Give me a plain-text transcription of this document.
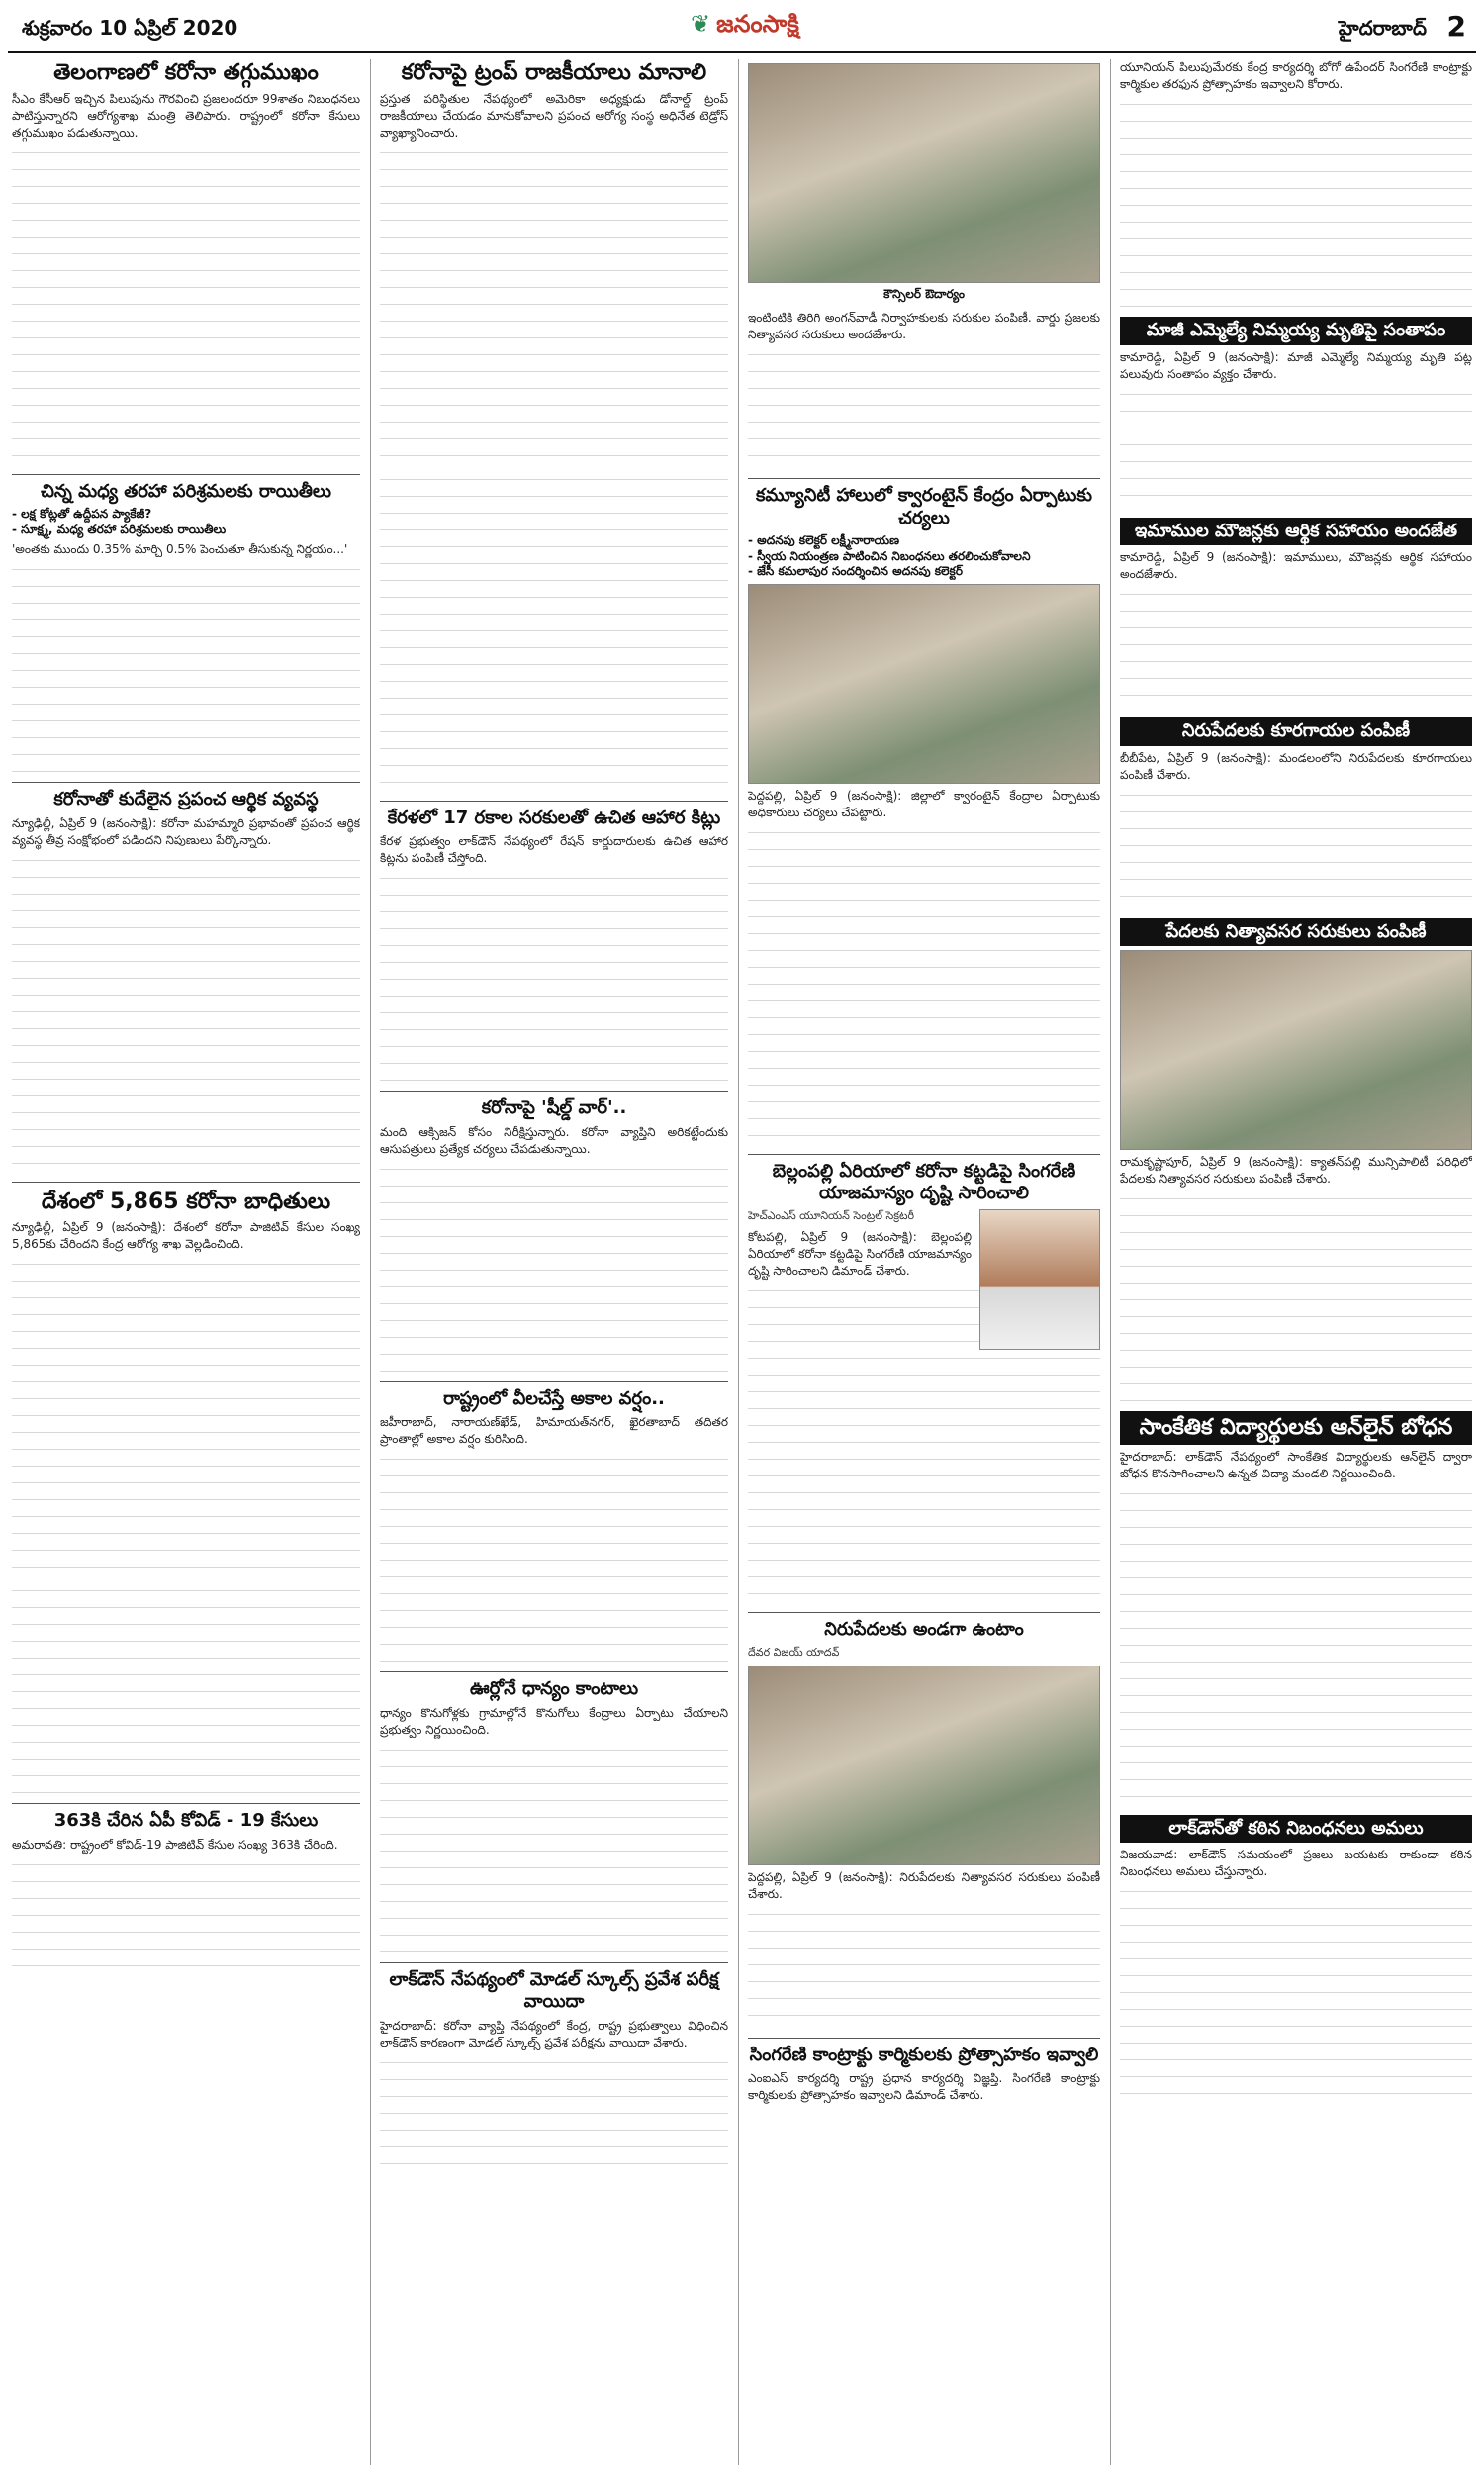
శుక్రవారం 10 ఏప్రిల్ 2020	❦ జనంసాక్షి	హైదరాబాద్ 2
తెలంగాణలో కరోనా తగ్గుముఖం

సీఎం కేసీఆర్ ఇచ్చిన పిలుపును గౌరవించి ప్రజలందరూ 99శాతం నిబంధనలు పాటిస్తున్నారని ఆరోగ్యశాఖ మంత్రి తెలిపారు. రాష్ట్రంలో కరోనా కేసులు తగ్గుముఖం పడుతున్నాయి.

చిన్న మధ్య తరహా పరిశ్రమలకు రాయితీలు

- లక్ష కోట్లతో ఉద్దీపన ప్యాకేజీ?
- సూక్ష్మ, మధ్య తరహా పరిశ్రమలకు రాయితీలు

'అంతకు ముందు 0.35% మార్చి 0.5% పెంచుతూ తీసుకున్న నిర్ణయం...'

కరోనాతో కుదేలైన ప్రపంచ ఆర్థిక వ్యవస్థ

న్యూఢిల్లీ, ఏప్రిల్ 9 (జనంసాక్షి): కరోనా మహమ్మారి ప్రభావంతో ప్రపంచ ఆర్థిక వ్యవస్థ తీవ్ర సంక్షోభంలో పడిందని నిపుణులు పేర్కొన్నారు.

దేశంలో 5,865 కరోనా బాధితులు

న్యూఢిల్లీ, ఏప్రిల్ 9 (జనంసాక్షి): దేశంలో కరోనా పాజిటివ్ కేసుల సంఖ్య 5,865కు చేరిందని కేంద్ర ఆరోగ్య శాఖ వెల్లడించింది.

363కి చేరిన ఏపీ కోవిడ్ - 19 కేసులు

అమరావతి: రాష్ట్రంలో కోవిడ్-19 పాజిటివ్ కేసుల సంఖ్య 363కి చేరింది.

కరోనాపై ట్రంప్ రాజకీయాలు మానాలి

ప్రస్తుత పరిస్థితుల నేపథ్యంలో అమెరికా అధ్యక్షుడు డోనాల్డ్ ట్రంప్ రాజకీయాలు చేయడం మానుకోవాలని ప్రపంచ ఆరోగ్య సంస్థ అధినేత టెడ్రోస్ వ్యాఖ్యానించారు.

కేరళలో 17 రకాల సరకులతో ఉచిత ఆహార కిట్లు

కేరళ ప్రభుత్వం లాక్‌డౌన్ నేపథ్యంలో రేషన్ కార్డుదారులకు ఉచిత ఆహార కిట్లను పంపిణీ చేస్తోంది.

కరోనాపై 'షీల్డ్ వార్'..

మంది ఆక్సిజన్ కోసం నిరీక్షిస్తున్నారు. కరోనా వ్యాప్తిని అరికట్టేందుకు ఆసుపత్రులు ప్రత్యేక చర్యలు చేపడుతున్నాయి.

రాష్ట్రంలో వీలచేస్తే అకాల వర్షం..

జహీరాబాద్, నారాయణ్‌ఖేడ్, హిమాయత్‌నగర్, ఖైరతాబాద్ తదితర ప్రాంతాల్లో అకాల వర్షం కురిసింది.

ఊర్లోనే ధాన్యం కాంటాలు

ధాన్యం కొనుగోళ్లకు గ్రామాల్లోనే కొనుగోలు కేంద్రాలు ఏర్పాటు చేయాలని ప్రభుత్వం నిర్ణయించింది.

లాక్‌డౌన్ నేపథ్యంలో మోడల్ స్కూల్స్ ప్రవేశ పరీక్ష వాయిదా

హైదరాబాద్: కరోనా వ్యాప్తి నేపథ్యంలో కేంద్ర, రాష్ట్ర ప్రభుత్వాలు విధించిన లాక్‌డౌన్ కారణంగా మోడల్ స్కూల్స్ ప్రవేశ పరీక్షను వాయిదా వేశారు.

కౌన్సిలర్ ఔదార్యం

ఇంటింటికి తిరిగి అంగన్‌వాడీ నిర్వాహకులకు సరుకుల పంపిణీ. వార్డు ప్రజలకు నిత్యావసర సరుకులు అందజేశారు.

కమ్యూనిటీ హాలులో క్వారంటైన్ కేంద్రం ఏర్పాటుకు చర్యలు

- అదనపు కలెక్టర్ లక్ష్మీనారాయణ
- స్వీయ నియంత్రణ పాటించిన నిబంధనలు తరలించుకోవాలని
- జేసీ కమలాపుర సందర్శించిన అదనపు కలెక్టర్

పెద్దపల్లి, ఏప్రిల్ 9 (జనంసాక్షి): జిల్లాలో క్వారంటైన్ కేంద్రాల ఏర్పాటుకు అధికారులు చర్యలు చేపట్టారు.

బెల్లంపల్లి ఏరియాలో కరోనా కట్టడిపై సింగరేణి యాజమాన్యం దృష్టి సారించాలి

హెచ్‌ఎంఎస్ యూనియన్ సెంట్రల్ సెక్రటరీ

కోటపల్లి, ఏప్రిల్ 9 (జనంసాక్షి): బెల్లంపల్లి ఏరియాలో కరోనా కట్టడిపై సింగరేణి యాజమాన్యం దృష్టి సారించాలని డిమాండ్ చేశారు.

నిరుపేదలకు అండగా ఉంటాం

దేవర విజయ్ యాదవ్

పెద్దపల్లి, ఏప్రిల్ 9 (జనంసాక్షి): నిరుపేదలకు నిత్యావసర సరుకులు పంపిణీ చేశారు.

సింగరేణి కాంట్రాక్టు కార్మికులకు ప్రోత్సాహకం ఇవ్వాలి

ఎంఐఎస్ కార్యదర్శి రాష్ట్ర ప్రధాన కార్యదర్శి విజ్ఞప్తి. సింగరేణి కాంట్రాక్టు కార్మికులకు ప్రోత్సాహకం ఇవ్వాలని డిమాండ్ చేశారు.

యూనియన్ పిలుపుమేరకు కేంద్ర కార్యదర్శి బోగో ఉపేందర్ సింగరేణి కాంట్రాక్టు కార్మికుల తరఫున ప్రోత్సాహకం ఇవ్వాలని కోరారు.

మాజీ ఎమ్మెల్యే నిమ్మయ్య మృతిపై సంతాపం

కామారెడ్డి, ఏప్రిల్ 9 (జనంసాక్షి): మాజీ ఎమ్మెల్యే నిమ్మయ్య మృతి పట్ల పలువురు సంతాపం వ్యక్తం చేశారు.

ఇమాముల మౌజన్లకు ఆర్థిక సహాయం అందజేత

కామారెడ్డి, ఏప్రిల్ 9 (జనంసాక్షి): ఇమాములు, మౌజన్లకు ఆర్థిక సహాయం అందజేశారు.

నిరుపేదలకు కూరగాయల పంపిణీ

బీబీపేట, ఏప్రిల్ 9 (జనంసాక్షి): మండలంలోని నిరుపేదలకు కూరగాయలు పంపిణీ చేశారు.

పేదలకు నిత్యావసర సరుకులు పంపిణీ

రామకృష్ణాపూర్, ఏప్రిల్ 9 (జనంసాక్షి): క్యాతన్‌పల్లి మున్సిపాలిటీ పరిధిలో పేదలకు నిత్యావసర సరుకులు పంపిణీ చేశారు.

సాంకేతిక విద్యార్థులకు ఆన్‌లైన్ బోధన

హైదరాబాద్: లాక్‌డౌన్ నేపథ్యంలో సాంకేతిక విద్యార్థులకు ఆన్‌లైన్ ద్వారా బోధన కొనసాగించాలని ఉన్నత విద్యా మండలి నిర్ణయించింది.

లాక్‌డౌన్‌తో కఠిన నిబంధనలు అమలు

విజయవాడ: లాక్‌డౌన్ సమయంలో ప్రజలు బయటకు రాకుండా కఠిన నిబంధనలు అమలు చేస్తున్నారు.
